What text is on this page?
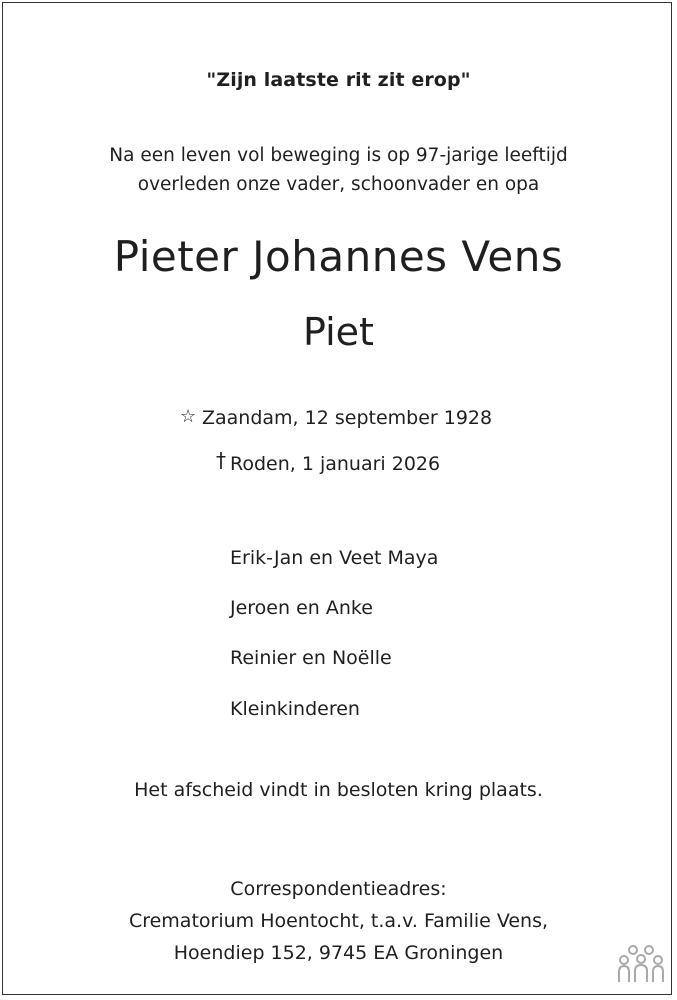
"Zijn laatste rit zit erop"
Na een leven vol beweging is op 97-jarige leeftijd
overleden onze vader, schoonvader en opa
Pieter Johannes Vens
Piet
☆ Zaandam, 12 september 1928
† Roden, 1 januari 2026
Erik-Jan en Veet Maya
Jeroen en Anke
Reinier en Noëlle
Kleinkinderen
Het afscheid vindt in besloten kring plaats.
Correspondentieadres:
Crematorium Hoentocht, t.a.v. Familie Vens,
Hoendiep 152, 9745 EA Groningen
